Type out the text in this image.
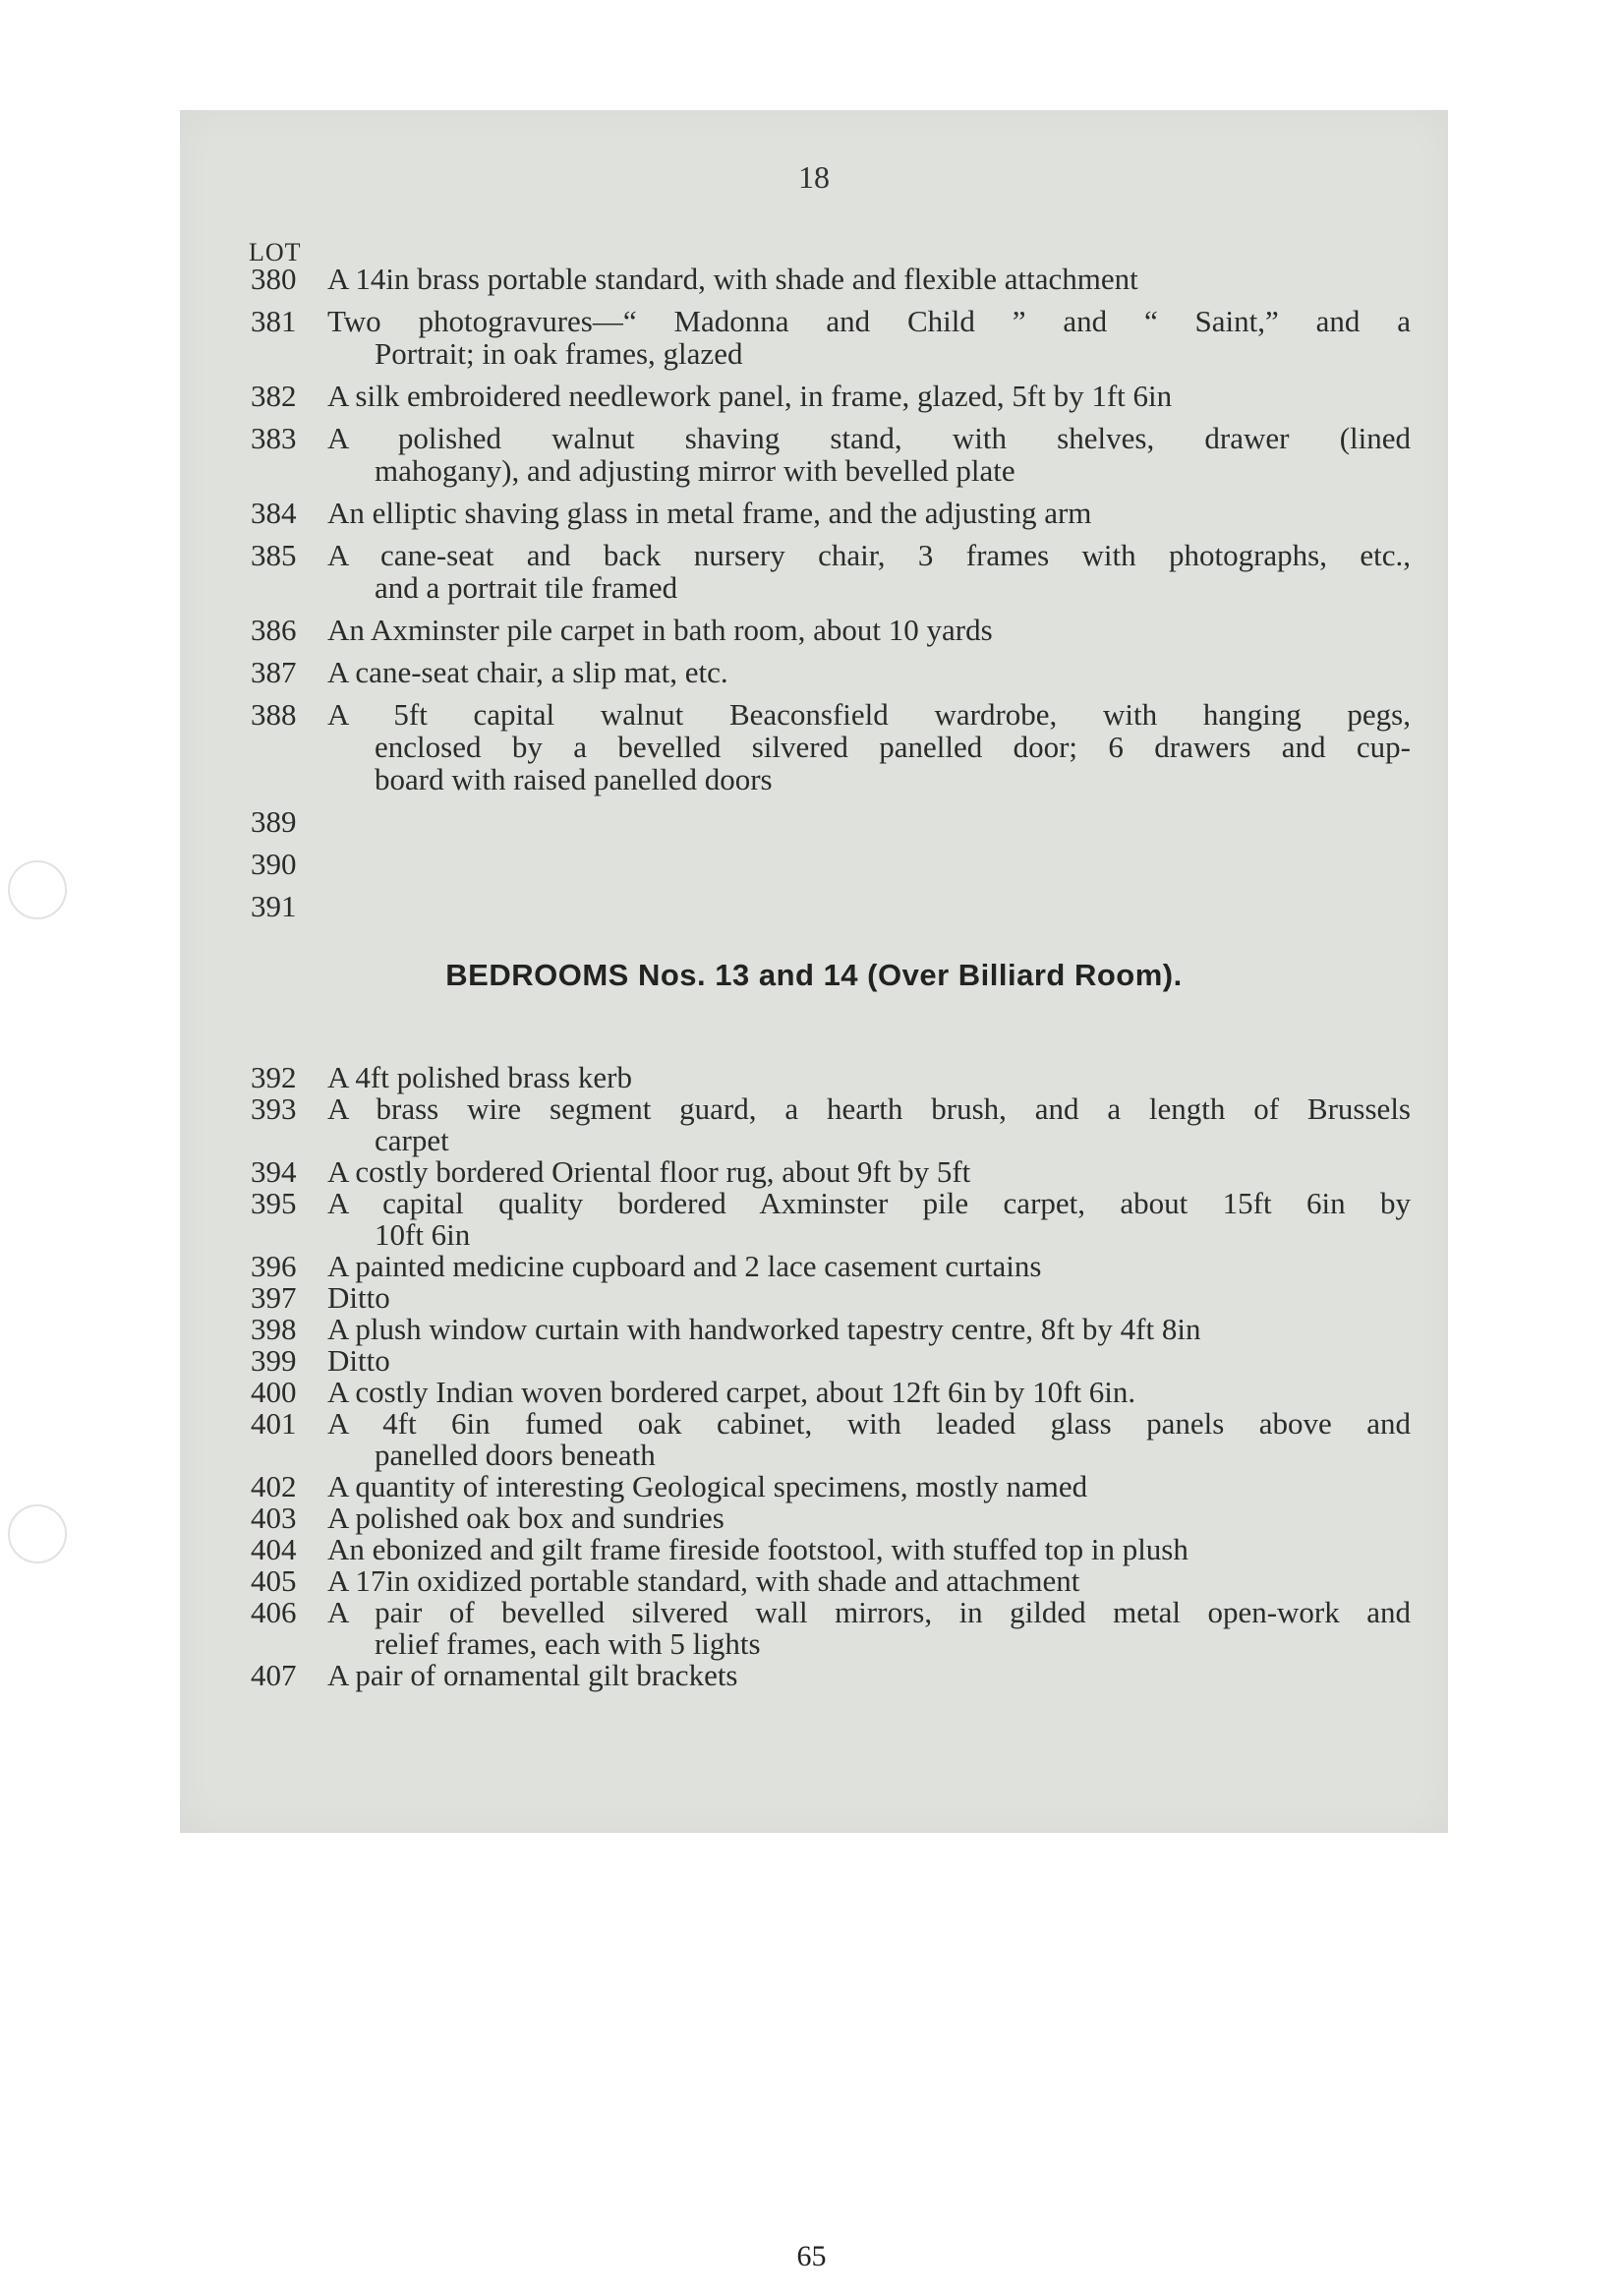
18
LOT
380	A 14in brass portable standard, with shade and flexible attachment
381	Two photogravures—“ Madonna and Child ” and “ Saint,” and a
Portrait; in oak frames, glazed
382	A silk embroidered needlework panel, in frame, glazed, 5ft by 1ft 6in
383	A polished walnut shaving stand, with shelves, drawer (lined
mahogany), and adjusting mirror with bevelled plate
384	An elliptic shaving glass in metal frame, and the adjusting arm
385	A cane-seat and back nursery chair, 3 frames with photographs, etc.,
and a portrait tile framed
386	An Axminster pile carpet in bath room, about 10 yards
387	A cane-seat chair, a slip mat, etc.
388	A 5ft capital walnut Beaconsfield wardrobe, with hanging pegs,
enclosed by a bevelled silvered panelled door; 6 drawers and cup-
board with raised panelled doors
389

390

391

BEDROOMS Nos. 13 and 14 (Over Billiard Room).
392	A 4ft polished brass kerb
393	A brass wire segment guard, a hearth brush, and a length of Brussels
carpet
394	A costly bordered Oriental floor rug, about 9ft by 5ft
395	A capital quality bordered Axminster pile carpet, about 15ft 6in by
10ft 6in
396	A painted medicine cupboard and 2 lace casement curtains
397	Ditto
398	A plush window curtain with handworked tapestry centre, 8ft by 4ft 8in
399	Ditto
400	A costly Indian woven bordered carpet, about 12ft 6in by 10ft 6in.
401	A 4ft 6in fumed oak cabinet, with leaded glass panels above and
panelled doors beneath
402	A quantity of interesting Geological specimens, mostly named
403	A polished oak box and sundries
404	An ebonized and gilt frame fireside footstool, with stuffed top in plush
405	A 17in oxidized portable standard, with shade and attachment
406	A pair of bevelled silvered wall mirrors, in gilded metal open-work and
relief frames, each with 5 lights
407	A pair of ornamental gilt brackets
65
